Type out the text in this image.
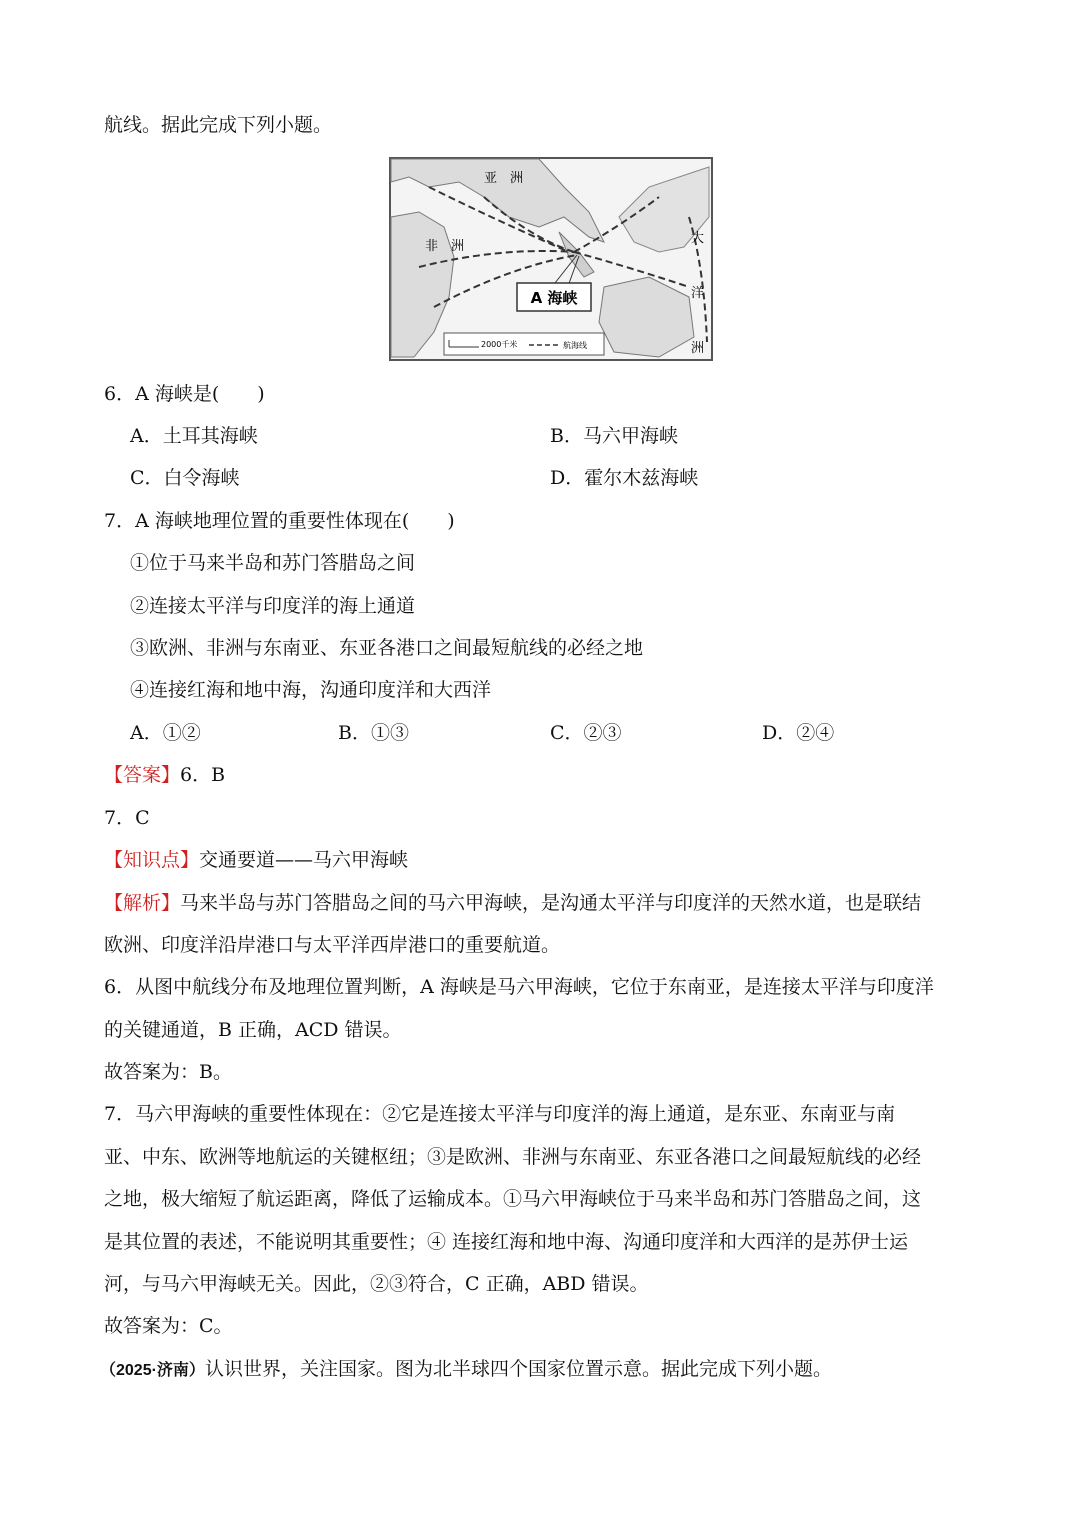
航线。据此完成下列小题。
亚　洲
非　洲
大
洋
洲
A 海峡
2000千米	航海线
6．A 海峡是(　　)
A．土耳其海峡	B．马六甲海峡
C．白令海峡	D．霍尔木兹海峡
7．A 海峡地理位置的重要性体现在(　　)
①位于马来半岛和苏门答腊岛之间
②连接太平洋与印度洋的海上通道
③欧洲、非洲与东南亚、东亚各港口之间最短航线的必经之地
④连接红海和地中海，沟通印度洋和大西洋
A．①②	B．①③	C．②③	D．②④
【答案】6．B
7．C
【知识点】交通要道——马六甲海峡
【解析】马来半岛与苏门答腊岛之间的马六甲海峡，是沟通太平洋与印度洋的天然水道，也是联结
欧洲、印度洋沿岸港口与太平洋西岸港口的重要航道。
6．从图中航线分布及地理位置判断，A 海峡是马六甲海峡，它位于东南亚，是连接太平洋与印度洋
的关键通道，B 正确，ACD 错误。
故答案为：B。
7．马六甲海峡的重要性体现在：②它是连接太平洋与印度洋的海上通道，是东亚、东南亚与南
亚、中东、欧洲等地航运的关键枢纽；③是欧洲、非洲与东南亚、东亚各港口之间最短航线的必经
之地，极大缩短了航运距离，降低了运输成本。①马六甲海峡位于马来半岛和苏门答腊岛之间，这
是其位置的表述，不能说明其重要性；④ 连接红海和地中海、沟通印度洋和大西洋的是苏伊士运
河，与马六甲海峡无关。因此，②③符合，C 正确，ABD 错误。
故答案为：C。
（2025·济南）认识世界，关注国家。图为北半球四个国家位置示意。据此完成下列小题。
